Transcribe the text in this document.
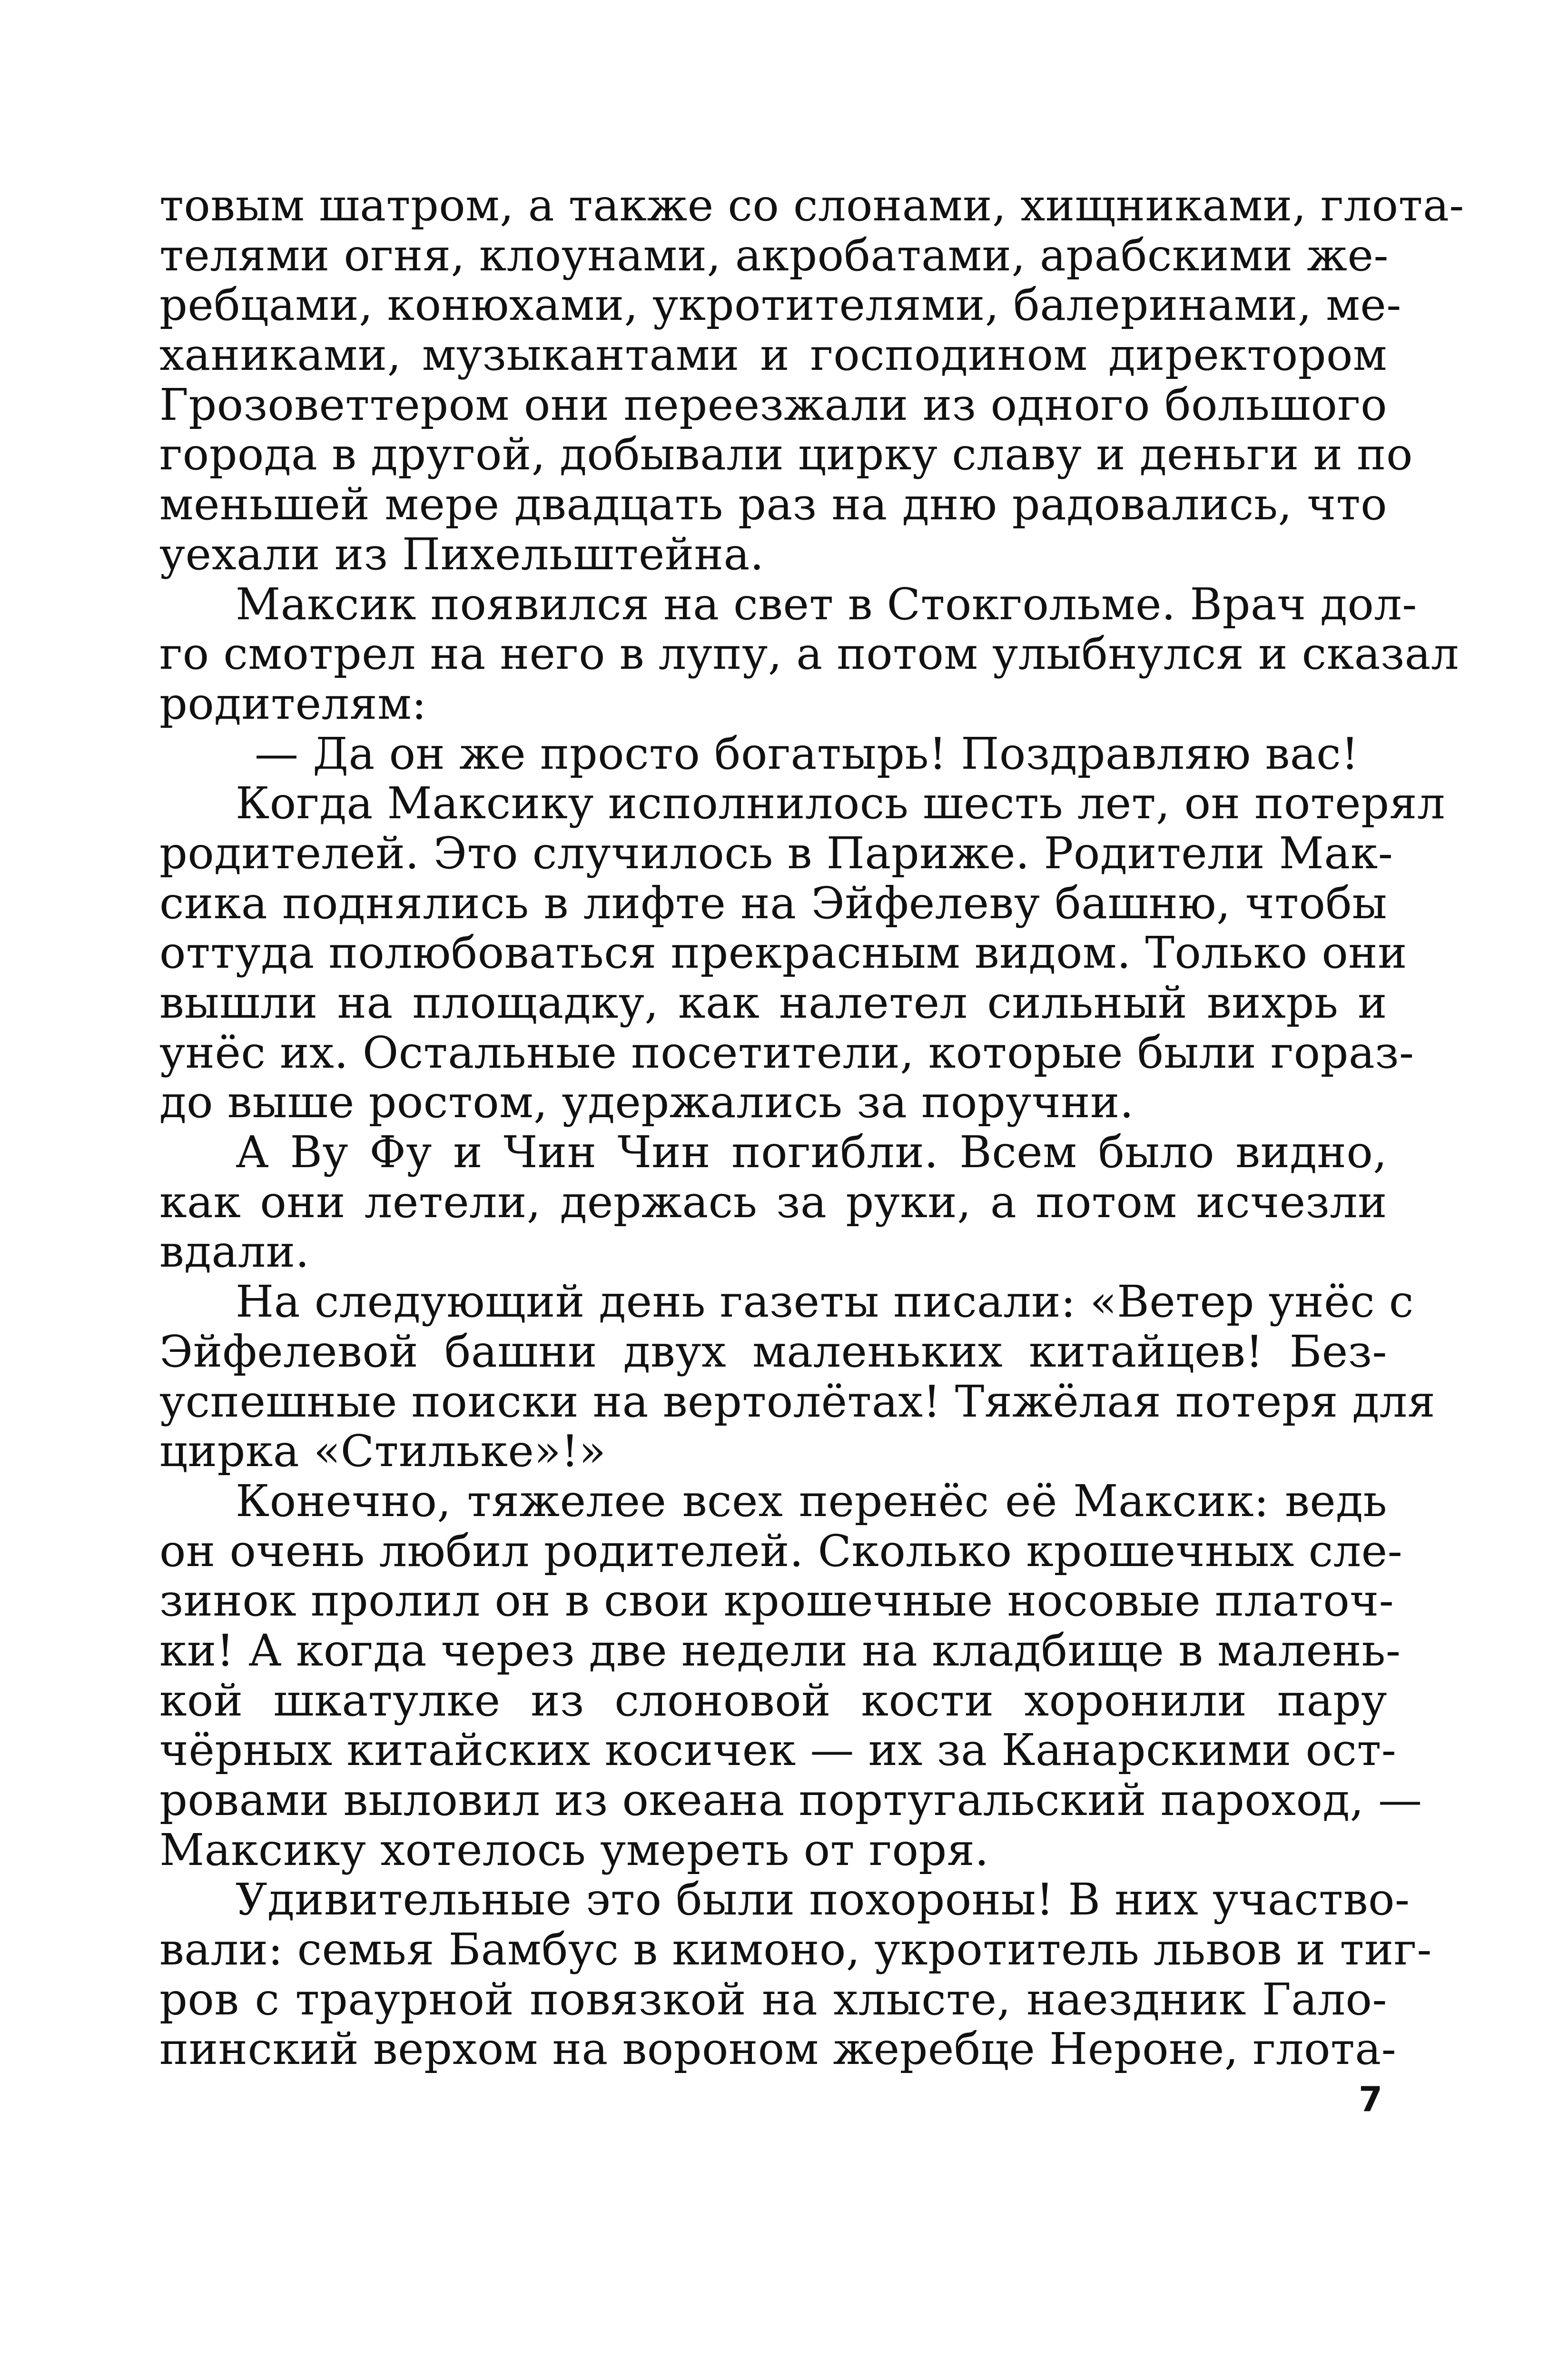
товым шатром, а также со слонами, хищниками, глота-
телями огня, клоунами, акробатами, арабскими же-
ребцами, конюхами, укротителями, балеринами, ме-
ханиками, музыкантами и господином директором
Грозоветтером они переезжали из одного большого
города в другой, добывали цирку славу и деньги и по
меньшей мере двадцать раз на дню радовались, что
уехали из Пихельштейна.
Максик появился на свет в Стокгольме. Врач дол-
го смотрел на него в лупу, а потом улыбнулся и сказал
родителям:
— Да он же просто богатырь! Поздравляю вас!
Когда Максику исполнилось шесть лет, он потерял
родителей. Это случилось в Париже. Родители Мак-
сика поднялись в лифте на Эйфелеву башню, чтобы
оттуда полюбоваться прекрасным видом. Только они
вышли на площадку, как налетел сильный вихрь и
унёс их. Остальные посетители, которые были гораз-
до выше ростом, удержались за поручни.
А Ву Фу и Чин Чин погибли. Всем было видно,
как они летели, держась за руки, а потом исчезли
вдали.
На следующий день газеты писали: «Ветер унёс с
Эйфелевой башни двух маленьких китайцев! Без-
успешные поиски на вертолётах! Тяжёлая потеря для
цирка «Стильке»!»
Конечно, тяжелее всех перенёс её Максик: ведь
он очень любил родителей. Сколько крошечных сле-
зинок пролил он в свои крошечные носовые платоч-
ки! А когда через две недели на кладбище в малень-
кой шкатулке из слоновой кости хоронили пару
чёрных китайских косичек — их за Канарскими ост-
ровами выловил из океана португальский пароход, —
Максику хотелось умереть от горя.
Удивительные это были похороны! В них участво-
вали: семья Бамбус в кимоно, укротитель львов и тиг-
ров с траурной повязкой на хлысте, наездник Гало-
пинский верхом на вороном жеребце Нероне, глота-
7
